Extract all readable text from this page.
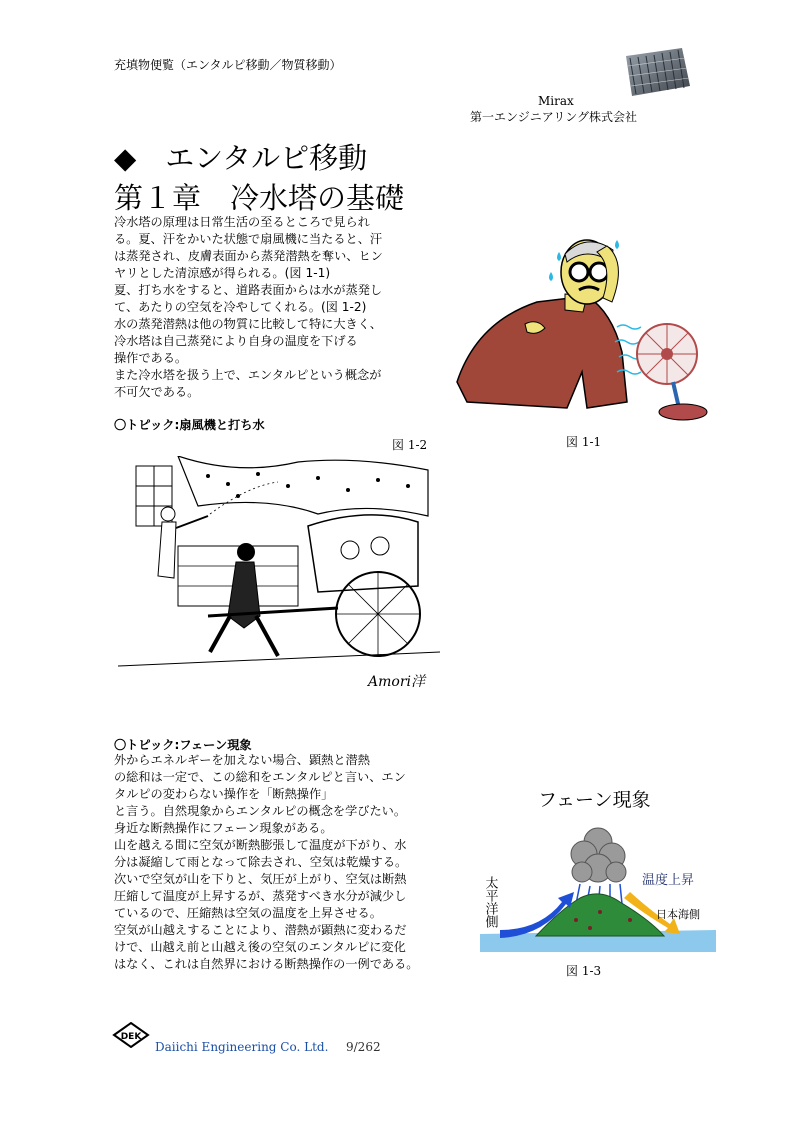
充填物便覧（エンタルピ移動／物質移動）
Mirax
第一エンジニアリング株式会社
◆　エンタルピ移動
第１章　冷水塔の基礎
冷水塔の原理は日常生活の至るところで見られ
る。夏、汗をかいた状態で扇風機に当たると、汗
は蒸発され、皮膚表面から蒸発潜熱を奪い、ヒン
ヤリとした清涼感が得られる。(図 1-1)
夏、打ち水をすると、道路表面からは水が蒸発し
て、あたりの空気を冷やしてくれる。(図 1-2)
水の蒸発潜熱は他の物質に比較して特に大きく、
冷水塔は自己蒸発により自身の温度を下げる
操作である。
また冷水塔を扱う上で、エンタルピという概念が
不可欠である。
〇トピック:扇風機と打ち水
図 1-1
図 1-2
Amori洋
〇トピック:フェーン現象
外からエネルギーを加えない場合、顕熱と潜熱
の総和は一定で、この総和をエンタルピと言い、エン
タルピの変わらない操作を「断熱操作」
と言う。自然現象からエンタルピの概念を学びたい。
身近な断熱操作にフェーン現象がある。
山を越える間に空気が断熱膨張して温度が下がり、水
分は凝縮して雨となって除去され、空気は乾燥する。
次いで空気が山を下りと、気圧が上がり、空気は断熱
圧縮して温度が上昇するが、蒸発すべき水分が減少し
ているので、圧縮熱は空気の温度を上昇させる。
空気が山越えすることにより、潜熱が顕熱に変わるだ
けで、山越え前と山越え後の空気のエンタルピに変化
はなく、これは自然界における断熱操作の一例である。
フェーン現象
太平洋側	温度上昇
日本海側
図 1-3
DEK
Daiichi Engineering Co. Ltd. 9/262
